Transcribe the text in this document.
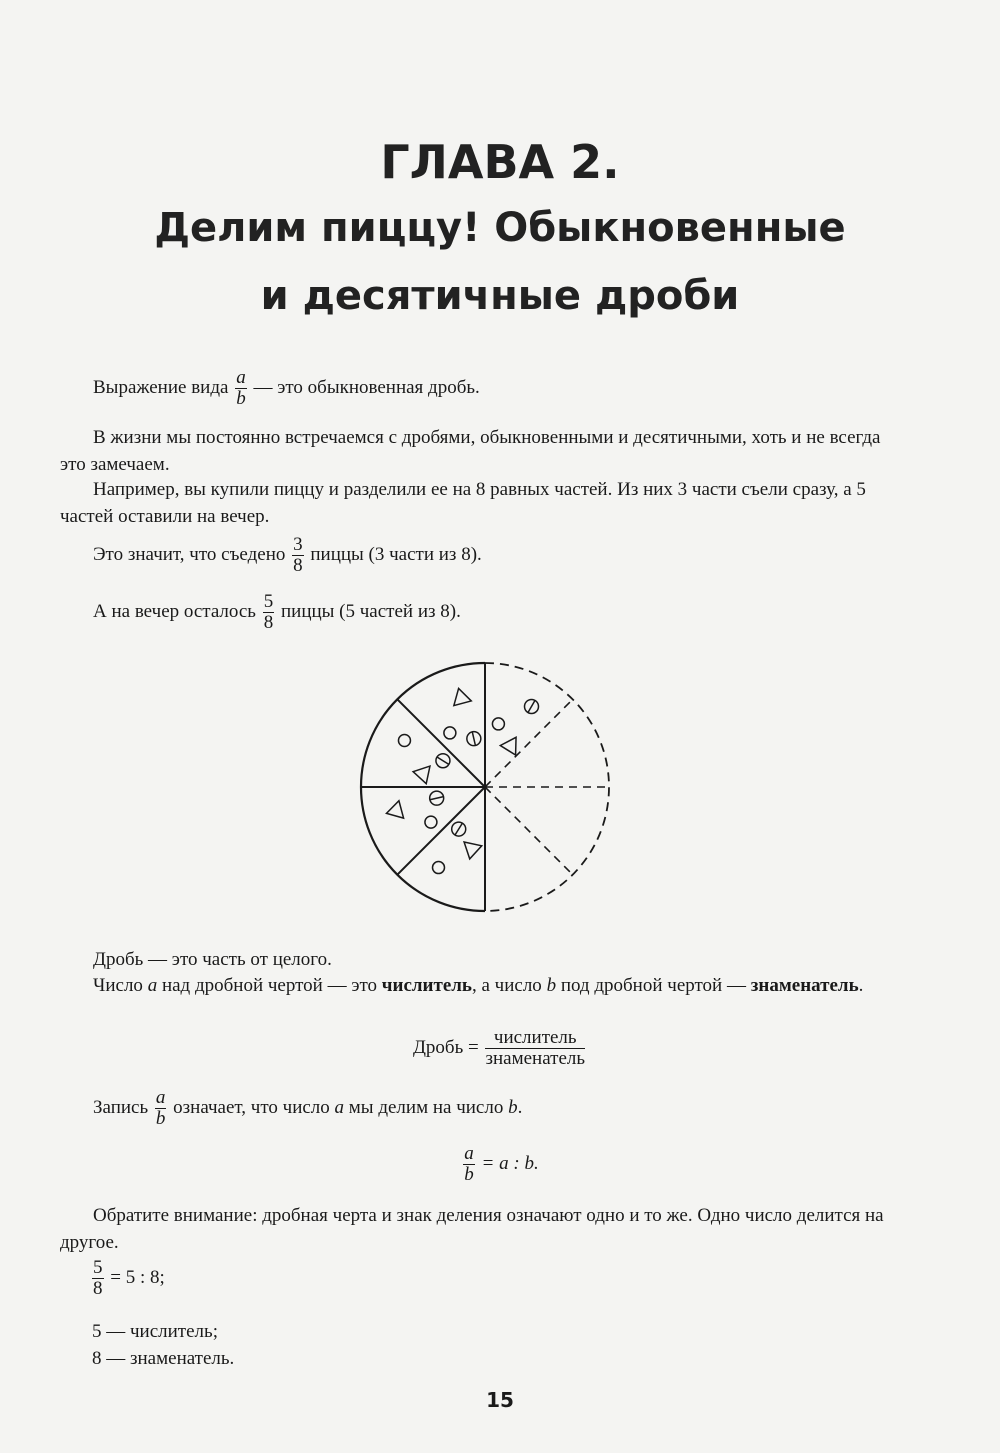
ГЛАВА 2.
Делим пиццу! Обыкновенные
и десятичные дроби
Выражение вида $\frac{a}{b}$ — это обыкновенная дробь.
В жизни мы постоянно встречаемся с дробями, обыкновенными и десятичными, хоть и не всегда это замечаем.
Например, вы купили пиццу и разделили ее на 8 равных частей. Из них 3 части съели сразу, а 5 частей оставили на вечер.
Это значит, что съедено $\frac{3}{8}$ пиццы (3 части из 8).
А на вечер осталось $\frac{5}{8}$ пиццы (5 частей из 8).
Дробь — это часть от целого.
Число a над дробной чертой — это числитель, а число b под дробной чертой — знаменатель.
Дробь = $\frac{\text{числитель}}{\text{знаменатель}}$
Запись $\frac{a}{b}$ означает, что число a мы делим на число b.
$\frac{a}{b} = a$ : b.
Обратите внимание: дробная черта и знак деления означают одно и то же. Одно число делится на другое.
$\frac{5}{8} = 5$ : 8;
5 — числитель;
8 — знаменатель.
15
